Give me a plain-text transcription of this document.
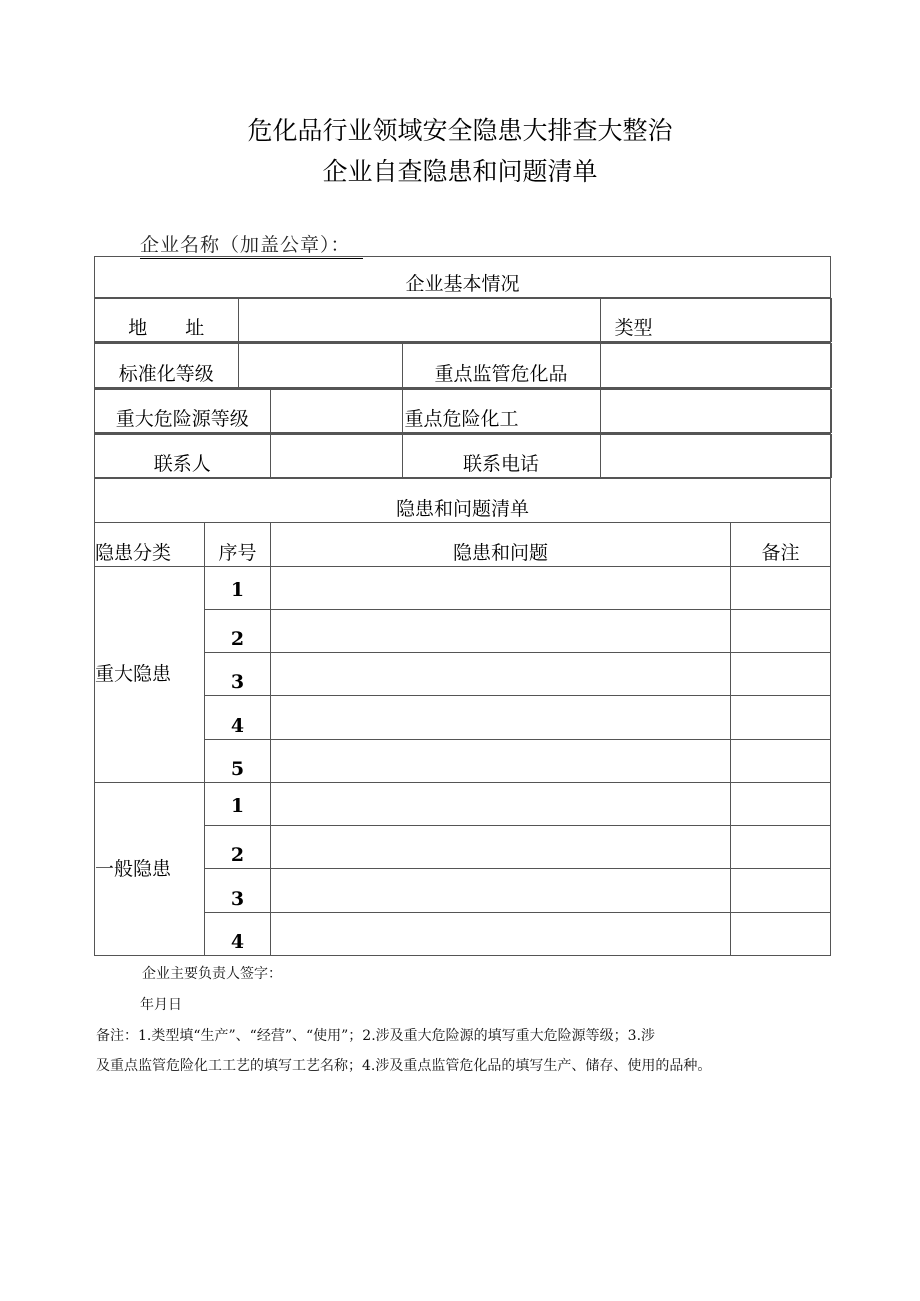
危化品行业领域安全隐患大排查大整治
企业自查隐患和问题清单
企业名称（加盖公章）：
企业基本情况

地　　址		类型

标准化等级		重点监管危化品	

重大危险源等级		重点危险化工	

联系人		联系电话	

隐患和问题清单
隐患分类	序号	隐患和问题	备注
重大隐患	1		
2		
3		
4		
5		
一般隐患	1		
2		
3		
4		
企业主要负责人签字：
年月日
备注：1.类型填“生产”、“经营”、“使用”；2.涉及重大危险源的填写重大危险源等级；3.涉
及重点监管危险化工工艺的填写工艺名称；4.涉及重点监管危化品的填写生产、储存、使用的品种。
